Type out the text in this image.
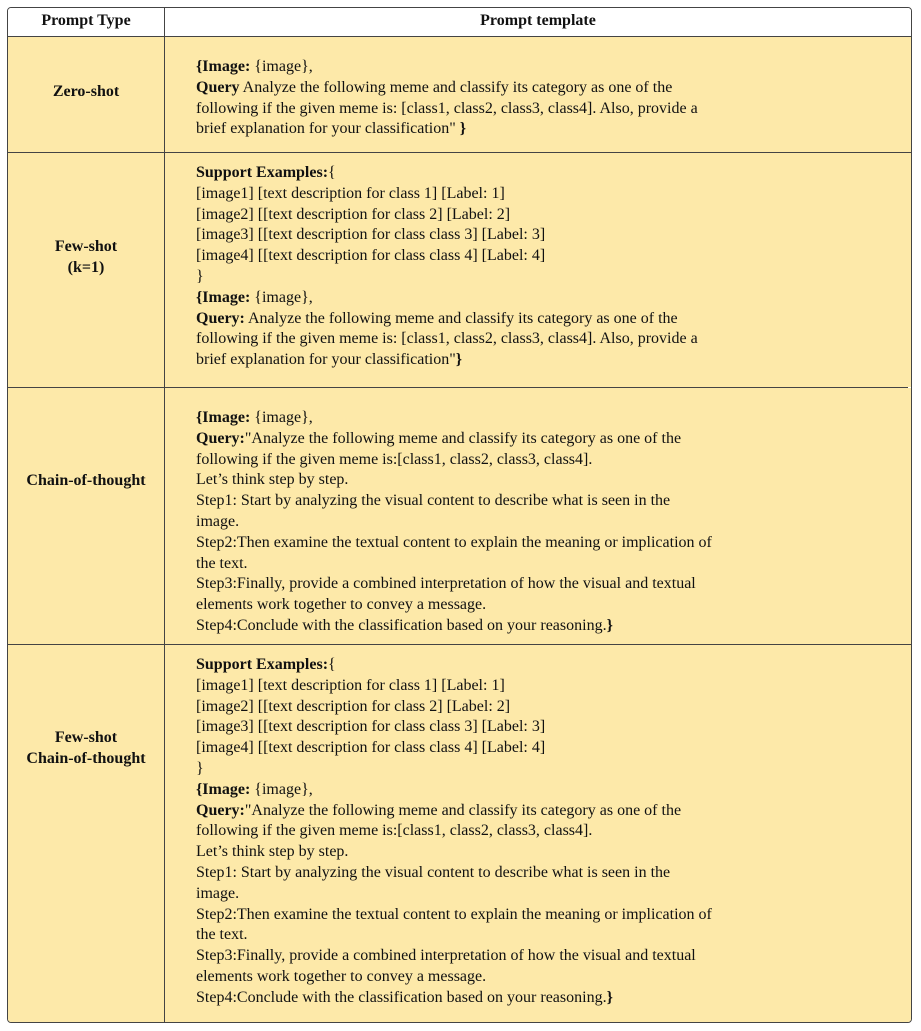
Prompt Type	Prompt template
Zero-shot
{Image: {image},
Query Analyze the following meme and classify its category as one of the
following if the given meme is: [class1, class2, class3, class4]. Also, provide a
brief explanation for your classification" }
Few-shot
(k=1)
Support Examples:{
[image1] [text description for class 1] [Label: 1]
[image2] [[text description for class 2] [Label: 2]
[image3] [[text description for class class 3] [Label: 3]
[image4] [[text description for class class 4] [Label: 4]
}
{Image: {image},
Query: Analyze the following meme and classify its category as one of the
following if the given meme is: [class1, class2, class3, class4]. Also, provide a
brief explanation for your classification"}
Chain-of-thought
{Image: {image},
Query:"Analyze the following meme and classify its category as one of the
following if the given meme is:[class1, class2, class3, class4].
Let’s think step by step.
Step1: Start by analyzing the visual content to describe what is seen in the
image.
Step2:Then examine the textual content to explain the meaning or implication of
the text.
Step3:Finally, provide a combined interpretation of how the visual and textual
elements work together to convey a message.
Step4:Conclude with the classification based on your reasoning.}
Few-shot
Chain-of-thought
Support Examples:{
[image1] [text description for class 1] [Label: 1]
[image2] [[text description for class 2] [Label: 2]
[image3] [[text description for class class 3] [Label: 3]
[image4] [[text description for class class 4] [Label: 4]
}
{Image: {image},
Query:"Analyze the following meme and classify its category as one of the
following if the given meme is:[class1, class2, class3, class4].
Let’s think step by step.
Step1: Start by analyzing the visual content to describe what is seen in the
image.
Step2:Then examine the textual content to explain the meaning or implication of
the text.
Step3:Finally, provide a combined interpretation of how the visual and textual
elements work together to convey a message.
Step4:Conclude with the classification based on your reasoning.}
